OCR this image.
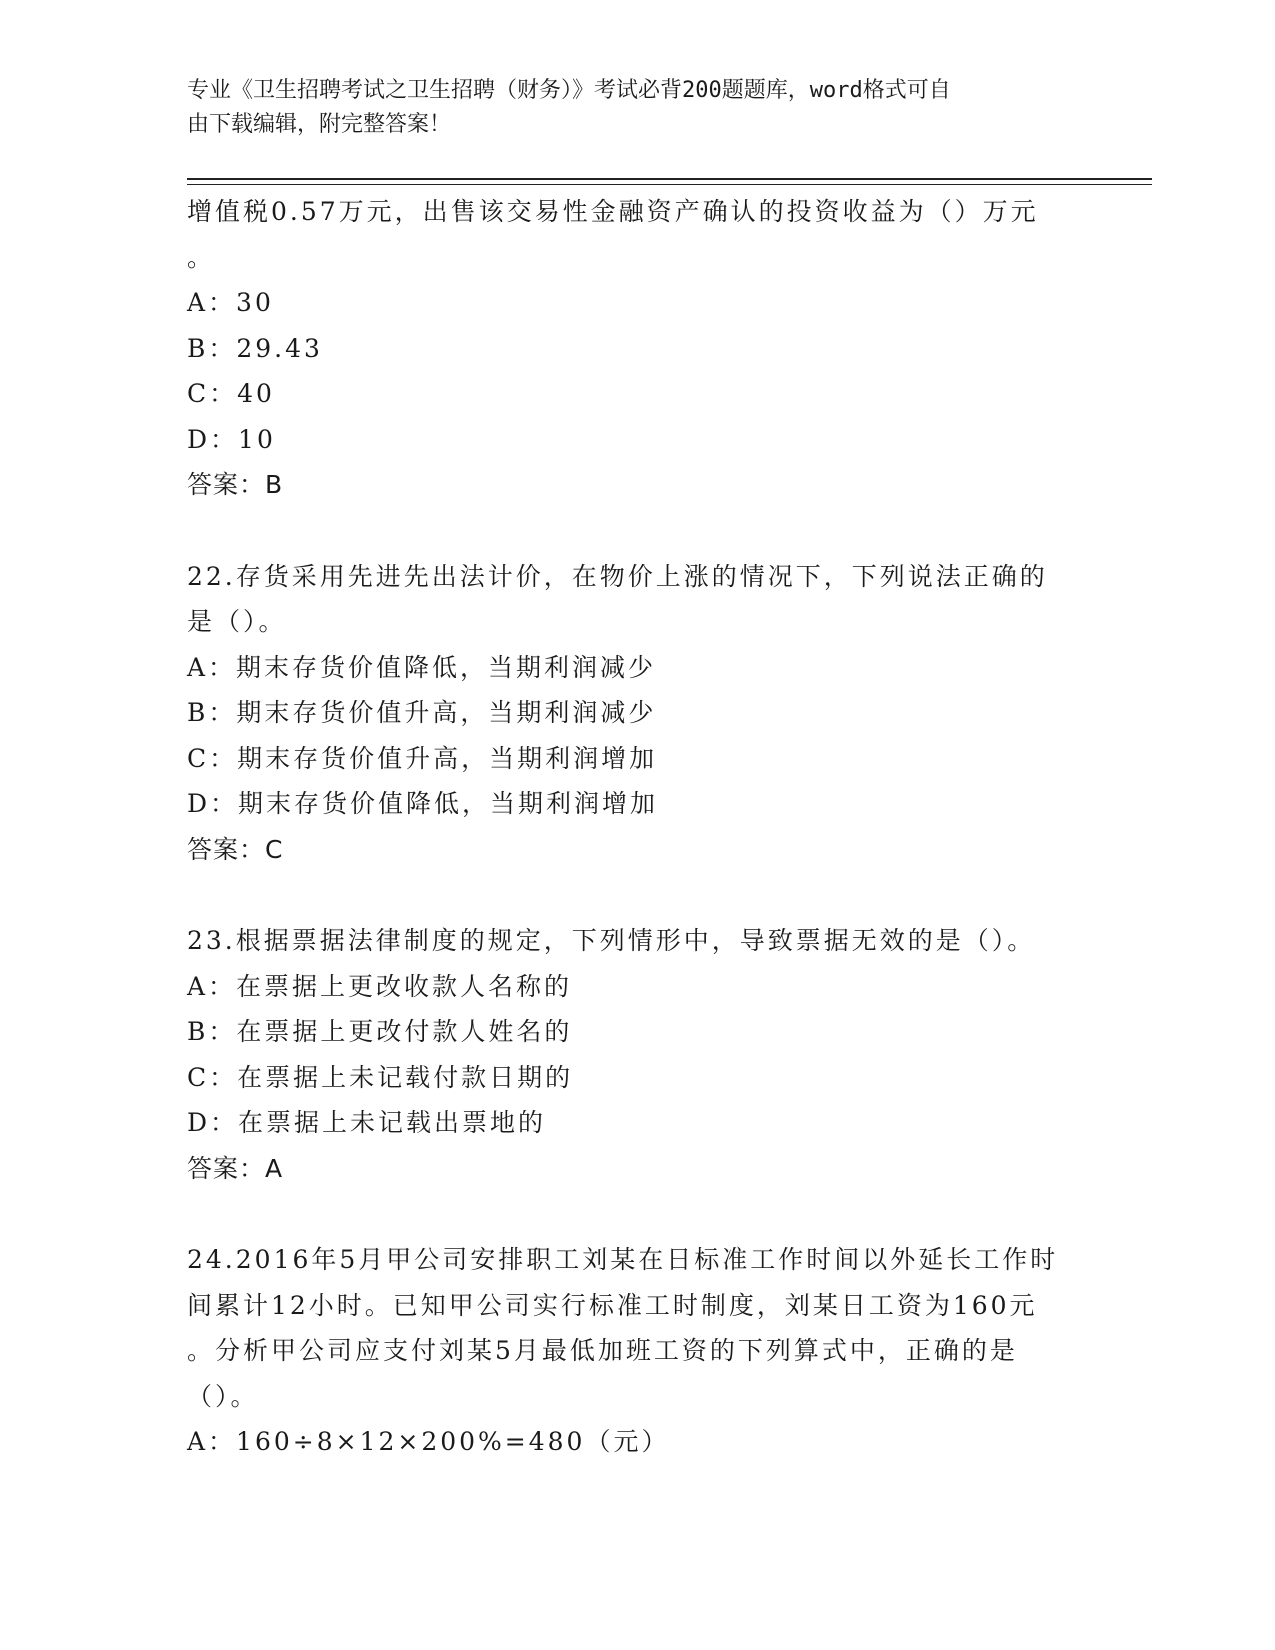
专业《卫生招聘考试之卫生招聘（财务）》考试必背200题题库，word格式可自
由下载编辑，附完整答案！
增值税0.57万元，出售该交易性金融资产确认的投资收益为（）万元
。
A：30
B：29.43
C：40
D：10
答案：B
22.存货采用先进先出法计价，在物价上涨的情况下，下列说法正确的
是（）。
A：期末存货价值降低，当期利润减少
B：期末存货价值升高，当期利润减少
C：期末存货价值升高，当期利润增加
D：期末存货价值降低，当期利润增加
答案：C
23.根据票据法律制度的规定，下列情形中，导致票据无效的是（）。
A：在票据上更改收款人名称的
B：在票据上更改付款人姓名的
C：在票据上未记载付款日期的
D：在票据上未记载出票地的
答案：A
24.2016年5月甲公司安排职工刘某在日标准工作时间以外延长工作时
间累计12小时。已知甲公司实行标准工时制度，刘某日工资为160元
。分析甲公司应支付刘某5月最低加班工资的下列算式中，正确的是
（）。
A：160÷8×12×200%=480（元）
